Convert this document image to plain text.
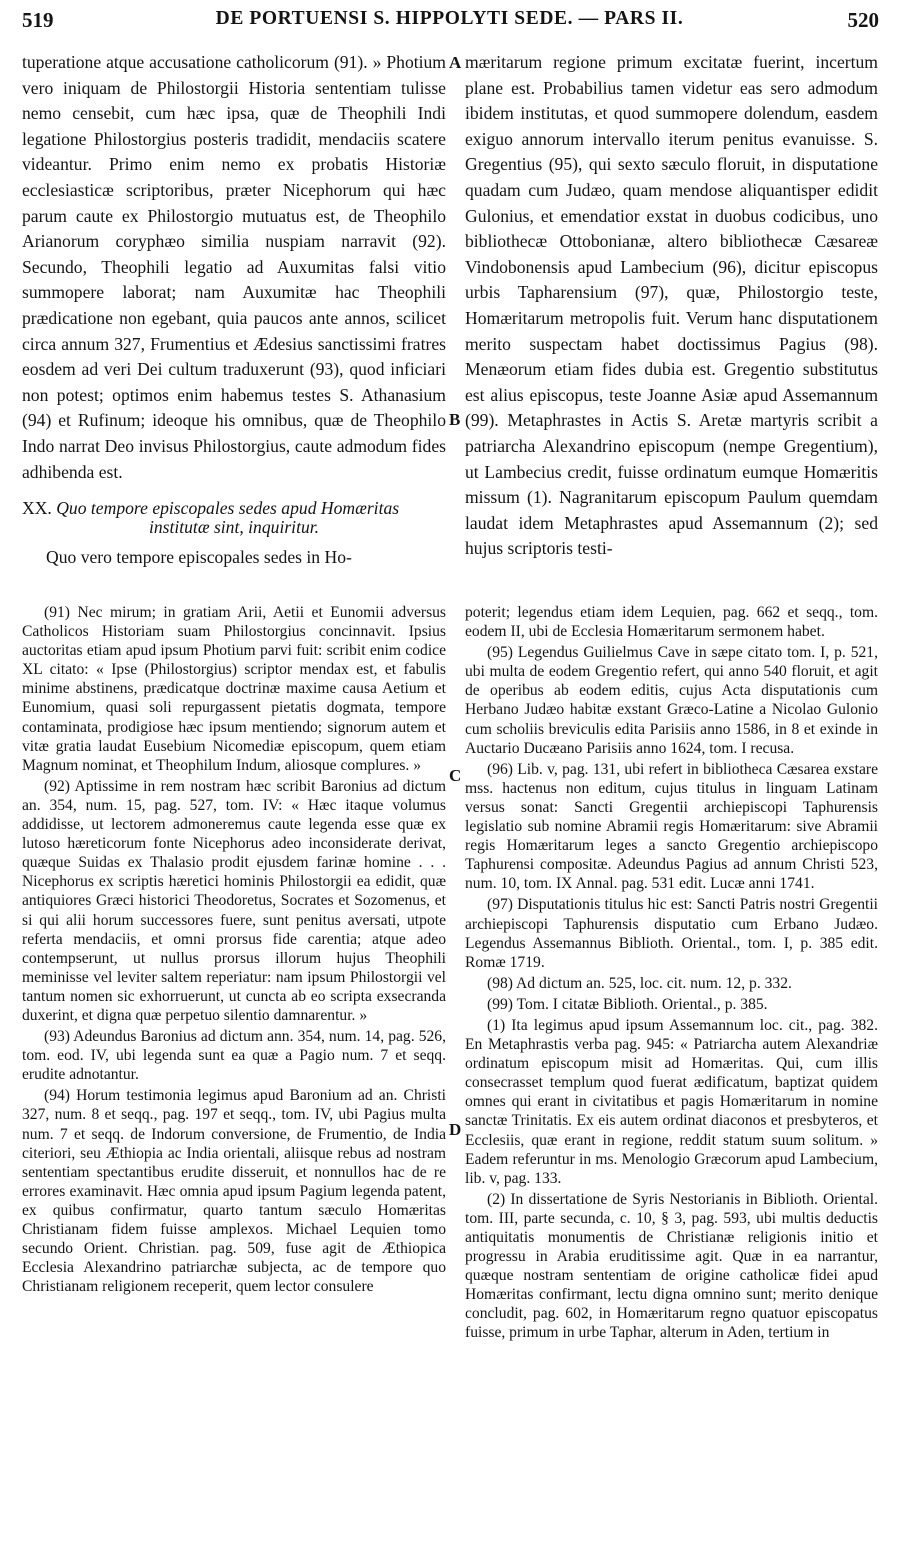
519	DE PORTUENSI S. HIPPOLYTI SEDE. — PARS II.	520

tuperatione atque accusatione catholicorum (91). » Photium vero iniquam de Philostorgii Historia sententiam tulisse nemo censebit, cum hæc ipsa, quæ de Theophili Indi legatione Philostorgius posteris tradidit, mendaciis scatere videantur. Primo enim nemo ex probatis Historiæ ecclesiasticæ scriptoribus, præter Nicephorum qui hæc parum caute ex Philostorgio mutuatus est, de Theophilo Arianorum coryphæo similia nuspiam narravit (92). Secundo, Theophili legatio ad Auxumitas falsi vitio summopere laborat; nam Auxumitæ hac Theophili prædicatione non egebant, quia paucos ante annos, scilicet circa annum 327, Frumentius et Ædesius sanctissimi fratres eosdem ad veri Dei cultum traduxerunt (93), quod inficiari non potest; optimos enim habemus testes S. Athanasium (94) et Rufinum; ideoque his omnibus, quæ de Theophilo Indo narrat Deo invisus Philostorgius, caute admodum fides adhibenda est.

XX. Quo tempore episcopales sedes apud Homæritas
institutæ sint, inquiritur.

Quo vero tempore episcopales sedes in Ho-

mæritarum regione primum excitatæ fuerint, incertum plane est. Probabilius tamen videtur eas sero admodum ibidem institutas, et quod summopere dolendum, easdem exiguo annorum intervallo iterum penitus evanuisse. S. Gregentius (95), qui sexto sæculo floruit, in disputatione quadam cum Judæo, quam mendose aliquantisper edidit Gulonius, et emendatior exstat in duobus codicibus, uno bibliothecæ Ottobonianæ, altero bibliothecæ Cæsareæ Vindobonensis apud Lambecium (96), dicitur episcopus urbis Tapharensium (97), quæ, Philostorgio teste, Homæritarum metropolis fuit. Verum hanc disputationem merito suspectam habet doctissimus Pagius (98). Menæorum etiam fides dubia est. Gregentio substitutus est alius episcopus, teste Joanne Asiæ apud Assemannum (99). Metaphrastes in Actis S. Aretæ martyris scribit a patriarcha Alexandrino episcopum (nempe Gregentium), ut Lambecius credit, fuisse ordinatum eumque Homæritis missum (1). Nagranitarum episcopum Paulum quemdam laudat idem Metaphrastes apud Assemannum (2); sed hujus scriptoris testi-

(91) Nec mirum; in gratiam Arii, Aetii et Eunomii adversus Catholicos Historiam suam Philostorgius concinnavit. Ipsius auctoritas etiam apud ipsum Photium parvi fuit: scribit enim codice XL citato: « Ipse (Philostorgius) scriptor mendax est, et fabulis minime abstinens, prædicatque doctrinæ maxime causa Aetium et Eunomium, quasi soli repurgassent pietatis dogmata, tempore contaminata, prodigiose hæc ipsum mentiendo; signorum autem et vitæ gratia laudat Eusebium Nicomediæ episcopum, quem etiam Magnum nominat, et Theophilum Indum, aliosque complures. »

(92) Aptissime in rem nostram hæc scribit Baronius ad dictum an. 354, num. 15, pag. 527, tom. IV: « Hæc itaque volumus addidisse, ut lectorem admoneremus caute legenda esse quæ ex lutoso hæreticorum fonte Nicephorus adeo inconsiderate derivat, quæque Suidas ex Thalasio prodit ejusdem farinæ homine . . . Nicephorus ex scriptis hæretici hominis Philostorgii ea edidit, quæ antiquiores Græci historici Theodoretus, Socrates et Sozomenus, et si qui alii horum successores fuere, sunt penitus aversati, utpote referta mendaciis, et omni prorsus fide carentia; atque adeo contempserunt, ut nullus prorsus illorum hujus Theophili meminisse vel leviter saltem reperiatur: nam ipsum Philostorgii vel tantum nomen sic exhorruerunt, ut cuncta ab eo scripta exsecranda duxerint, et digna quæ perpetuo silentio damnarentur. »

(93) Adeundus Baronius ad dictum ann. 354, num. 14, pag. 526, tom. eod. IV, ubi legenda sunt ea quæ a Pagio num. 7 et seqq. erudite adnotantur.

(94) Horum testimonia legimus apud Baronium ad an. Christi 327, num. 8 et seqq., pag. 197 et seqq., tom. IV, ubi Pagius multa num. 7 et seqq. de Indorum conversione, de Frumentio, de India citeriori, seu Æthiopia ac India orientali, aliisque rebus ad nostram sententiam spectantibus erudite disseruit, et nonnullos hac de re errores examinavit. Hæc omnia apud ipsum Pagium legenda patent, ex quibus confirmatur, quarto tantum sæculo Homæritas Christianam fidem fuisse amplexos. Michael Lequien tomo secundo Orient. Christian. pag. 509, fuse agit de Æthiopica Ecclesia Alexandrino patriarchæ subjecta, ac de tempore quo Christianam religionem receperit, quem lector consulere

poterit; legendus etiam idem Lequien, pag. 662 et seqq., tom. eodem II, ubi de Ecclesia Homæritarum sermonem habet.

(95) Legendus Guilielmus Cave in sæpe citato tom. I, p. 521, ubi multa de eodem Gregentio refert, qui anno 540 floruit, et agit de operibus ab eodem editis, cujus Acta disputationis cum Herbano Judæo habitæ exstant Græco-Latine a Nicolao Gulonio cum scholiis breviculis edita Parisiis anno 1586, in 8 et exinde in Auctario Ducæano Parisiis anno 1624, tom. I recusa.

(96) Lib. v, pag. 131, ubi refert in bibliotheca Cæsarea exstare mss. hactenus non editum, cujus titulus in linguam Latinam versus sonat: Sancti Gregentii archiepiscopi Taphurensis legislatio sub nomine Abramii regis Homæritarum: sive Abramii regis Homæritarum leges a sancto Gregentio archiepiscopo Taphurensi compositæ. Adeundus Pagius ad annum Christi 523, num. 10, tom. IX Annal. pag. 531 edit. Lucæ anni 1741.

(97) Disputationis titulus hic est: Sancti Patris nostri Gregentii archiepiscopi Taphurensis disputatio cum Erbano Judæo. Legendus Assemannus Biblioth. Oriental., tom. I, p. 385 edit. Romæ 1719.

(98) Ad dictum an. 525, loc. cit. num. 12, p. 332.

(99) Tom. I citatæ Biblioth. Oriental., p. 385.

(1) Ita legimus apud ipsum Assemannum loc. cit., pag. 382. En Metaphrastis verba pag. 945: « Patriarcha autem Alexandriæ ordinatum episcopum misit ad Homæritas. Qui, cum illis consecrasset templum quod fuerat ædificatum, baptizat quidem omnes qui erant in civitatibus et pagis Homæritarum in nomine sanctæ Trinitatis. Ex eis autem ordinat diaconos et presbyteros, et Ecclesiis, quæ erant in regione, reddit statum suum solitum. » Eadem referuntur in ms. Menologio Græcorum apud Lambecium, lib. v, pag. 133.

(2) In dissertatione de Syris Nestorianis in Biblioth. Oriental. tom. III, parte secunda, c. 10, § 3, pag. 593, ubi multis deductis antiquitatis monumentis de Christianæ religionis initio et progressu in Arabia eruditissime agit. Quæ in ea narrantur, quæque nostram sententiam de origine catholicæ fidei apud Homæritas confirmant, lectu digna omnino sunt; merito denique concludit, pag. 602, in Homæritarum regno quatuor episcopatus fuisse, primum in urbe Taphar, alterum in Aden, tertium in

A
B
C
D
